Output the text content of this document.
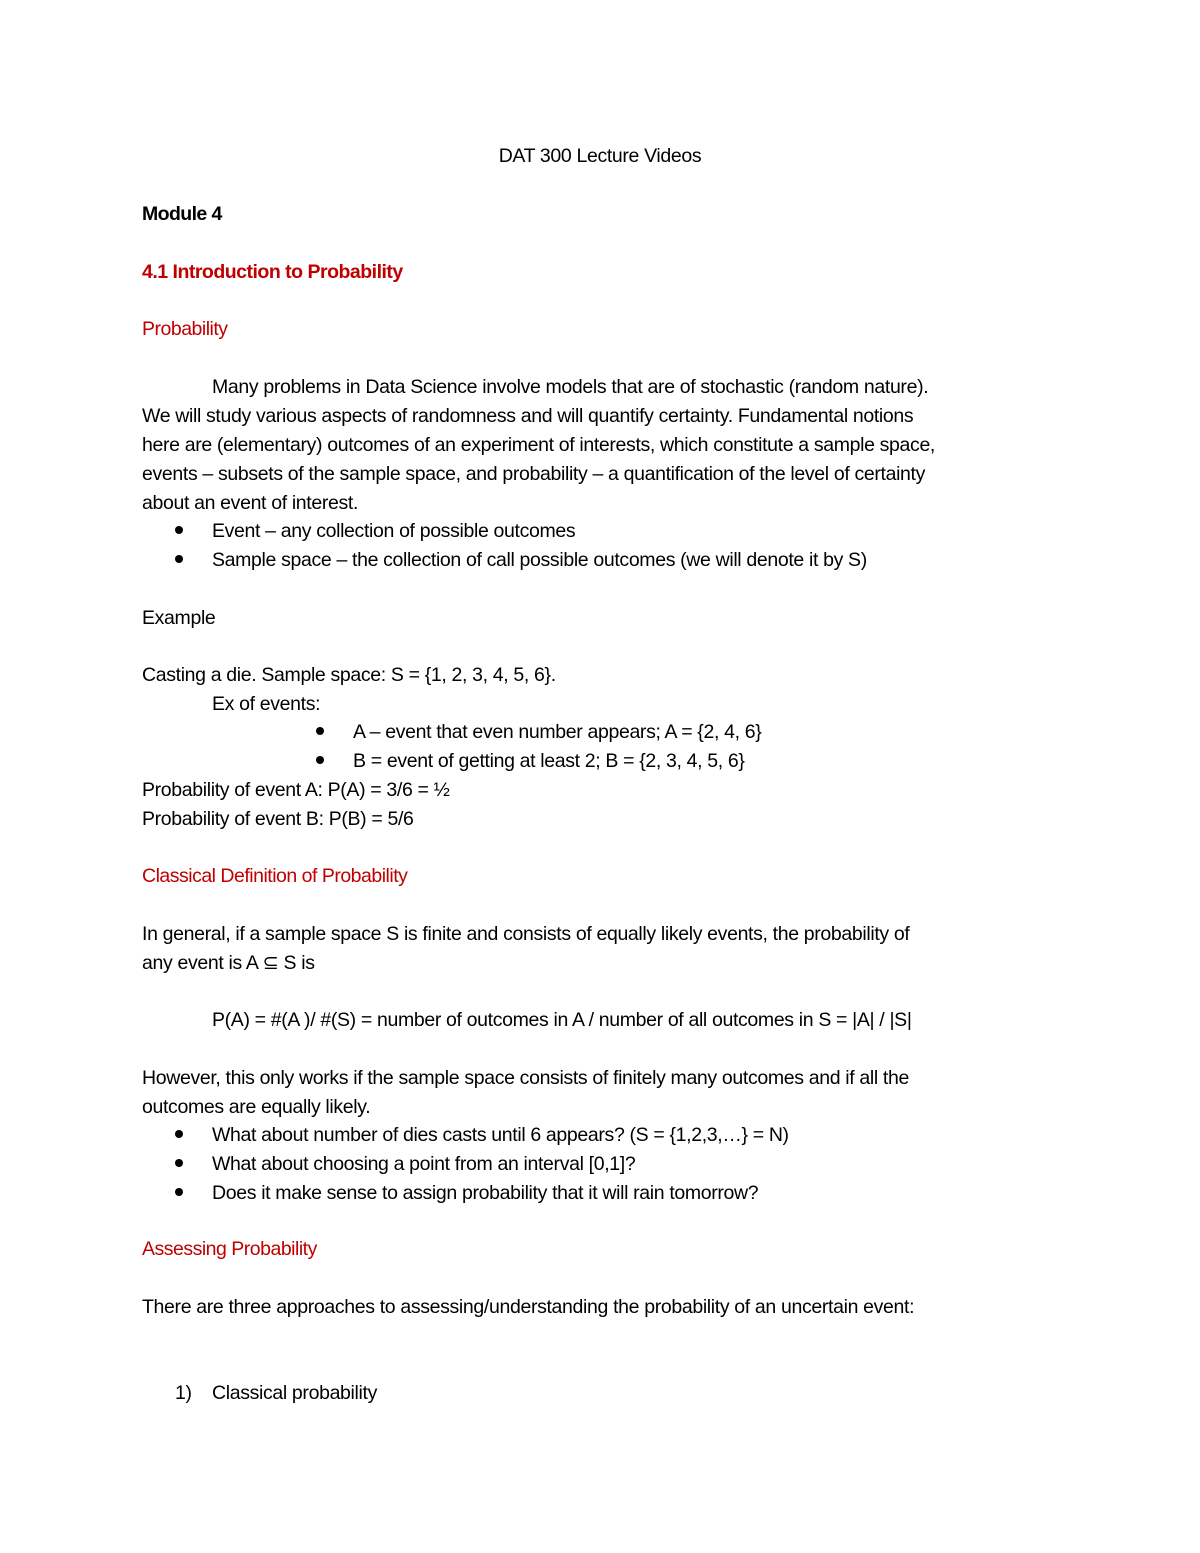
DAT 300 Lecture Videos
Module 4
4.1 Introduction to Probability
Probability
Many problems in Data Science involve models that are of stochastic (random nature).
We will study various aspects of randomness and will quantify certainty. Fundamental notions
here are (elementary) outcomes of an experiment of interests, which constitute a sample space,
events – subsets of the sample space, and probability – a quantification of the level of certainty
about an event of interest.
Event – any collection of possible outcomes
Sample space – the collection of call possible outcomes (we will denote it by S)
Example
Casting a die. Sample space: S = {1, 2, 3, 4, 5, 6}.
Ex of events:
A – event that even number appears; A = {2, 4, 6}
B = event of getting at least 2; B = {2, 3, 4, 5, 6}
Probability of event A: P(A) = 3/6 = ½
Probability of event B: P(B) = 5/6
Classical Definition of Probability
In general, if a sample space S is finite and consists of equally likely events, the probability of
any event is A ⊆ S is
P(A) = #(A )/ #(S) = number of outcomes in A / number of all outcomes in S = |A| / |S|
However, this only works if the sample space consists of finitely many outcomes and if all the
outcomes are equally likely.
What about number of dies casts until 6 appears? (S = {1,2,3,…} = N)
What about choosing a point from an interval [0,1]?
Does it make sense to assign probability that it will rain tomorrow?
Assessing Probability
There are three approaches to assessing/understanding the probability of an uncertain event:
1) Classical probability
